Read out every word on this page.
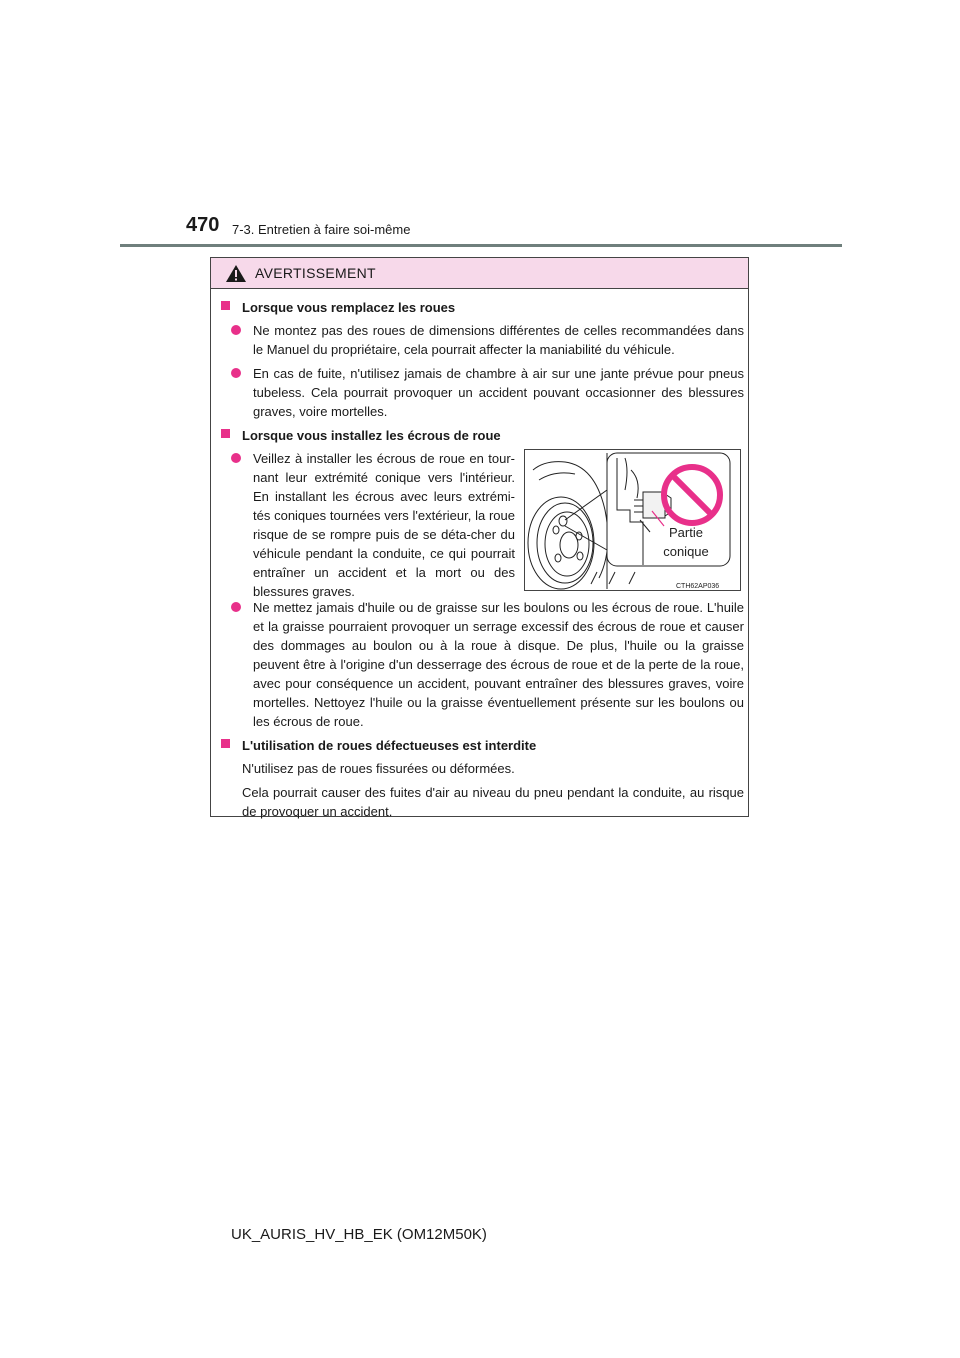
470 7-3. Entretien à faire soi-même
AVERTISSEMENT
Lorsque vous remplacez les roues
Ne montez pas des roues de dimensions différentes de celles recommandées dans le Manuel du propriétaire, cela pourrait affecter la maniabilité du véhicule.
En cas de fuite, n'utilisez jamais de chambre à air sur une jante prévue pour pneus tubeless. Cela pourrait provoquer un accident pouvant occasionner des blessures graves, voire mortelles.
Lorsque vous installez les écrous de roue
Veillez à installer les écrous de roue en tour-nant leur extrémité conique vers l'intérieur. En installant les écrous avec leurs extrémi-tés coniques tournées vers l'extérieur, la roue risque de se rompre puis de se déta-cher du véhicule pendant la conduite, ce qui pourrait entraîner un accident et la mort ou des blessures graves.
Partie
conique
CTH62AP036
Ne mettez jamais d'huile ou de graisse sur les boulons ou les écrous de roue. L'huile et la graisse pourraient provoquer un serrage excessif des écrous de roue et causer des dommages au boulon ou à la roue à disque. De plus, l'huile ou la graisse peuvent être à l'origine d'un desserrage des écrous de roue et de la perte de la roue, avec pour conséquence un accident, pouvant entraîner des blessures graves, voire mortelles. Nettoyez l'huile ou la graisse éventuellement présente sur les boulons ou les écrous de roue.
L'utilisation de roues défectueuses est interdite
N'utilisez pas de roues fissurées ou déformées.
Cela pourrait causer des fuites d'air au niveau du pneu pendant la conduite, au risque de provoquer un accident.
UK_AURIS_HV_HB_EK (OM12M50K)
